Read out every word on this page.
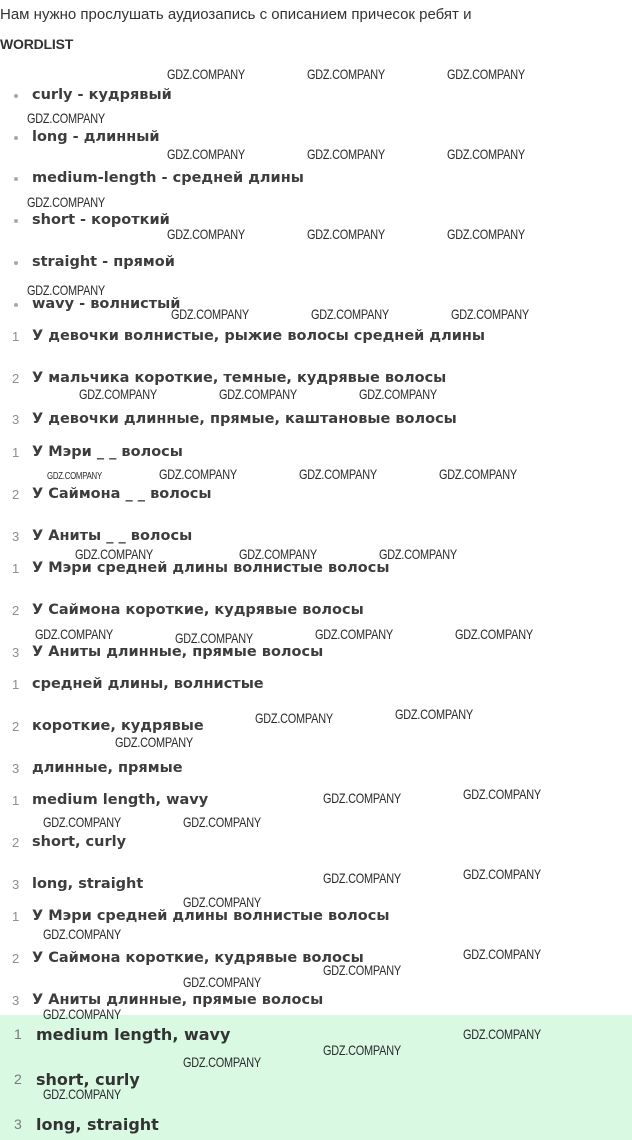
Нам нужно прослушать аудиозапись с описанием причесок ребят и
WORDLIST
curly - кудрявый
long - длинный
medium-length - средней длины
short - короткий
straight - прямой
wavy - волнистый
1 У девочки волнистые, рыжие волосы средней длины
2 У мальчика короткие, темные, кудрявые волосы
3 У девочки длинные, прямые, каштановые волосы
1 У Мэри _ _ волосы
2 У Саймона _ _ волосы
3 У Аниты _ _ волосы
1 У Мэри средней длины волнистые волосы
2 У Саймона короткие, кудрявые волосы
3 У Аниты длинные, прямые волосы
1 средней длины, волнистые
2 короткие, кудрявые
3 длинные, прямые
1 medium length, wavy
2 short, curly
3 long, straight
1 У Мэри средней длины волнистые волосы
2 У Саймона короткие, кудрявые волосы
3 У Аниты длинные, прямые волосы
1 medium length, wavy
2 short, curly
3 long, straight
GDZ.COMPANY	GDZ.COMPANY	GDZ.COMPANY
GDZ.COMPANY
GDZ.COMPANY	GDZ.COMPANY	GDZ.COMPANY
GDZ.COMPANY
GDZ.COMPANY	GDZ.COMPANY	GDZ.COMPANY
GDZ.COMPANY
GDZ.COMPANY	GDZ.COMPANY	GDZ.COMPANY
GDZ.COMPANY	GDZ.COMPANY	GDZ.COMPANY
GDZ.COMPANY	GDZ.COMPANY	GDZ.COMPANY	GDZ.COMPANY
GDZ.COMPANY	GDZ.COMPANY	GDZ.COMPANY
GDZ.COMPANY	GDZ.COMPANY	GDZ.COMPANY	GDZ.COMPANY
GDZ.COMPANY	GDZ.COMPANY
GDZ.COMPANY
GDZ.COMPANY	GDZ.COMPANY
GDZ.COMPANY	GDZ.COMPANY
GDZ.COMPANY	GDZ.COMPANY
GDZ.COMPANY
GDZ.COMPANY
GDZ.COMPANY
GDZ.COMPANY
GDZ.COMPANY
GDZ.COMPANY
GDZ.COMPANY
GDZ.COMPANY
GDZ.COMPANY
GDZ.COMPANY
